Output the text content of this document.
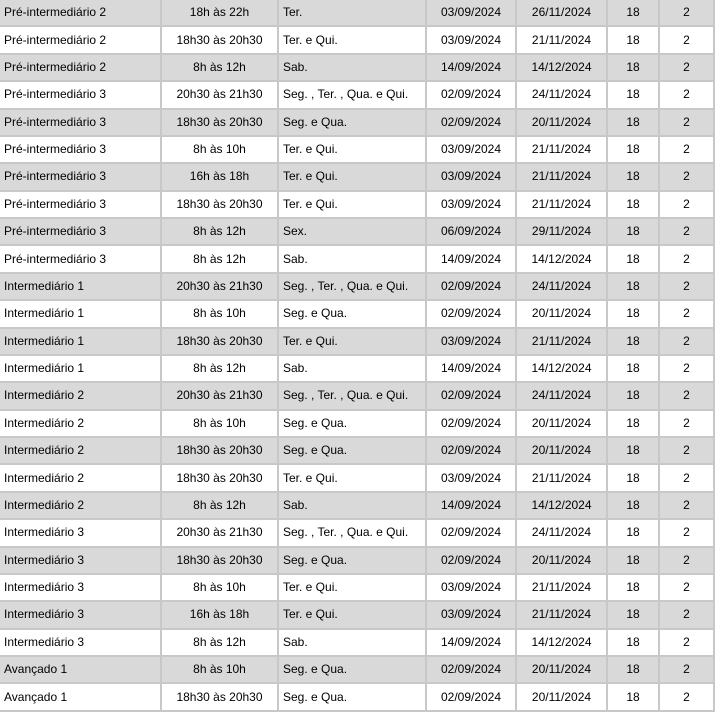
Pré-intermediário 2	18h às 22h	Ter.	03/09/2024	26/11/2024	18	2
Pré-intermediário 2	18h30 às 20h30	Ter. e Qui.	03/09/2024	21/11/2024	18	2
Pré-intermediário 2	8h às 12h	Sab.	14/09/2024	14/12/2024	18	2
Pré-intermediário 3	20h30 às 21h30	Seg. , Ter. , Qua. e Qui.	02/09/2024	24/11/2024	18	2
Pré-intermediário 3	18h30 às 20h30	Seg. e Qua.	02/09/2024	20/11/2024	18	2
Pré-intermediário 3	8h às 10h	Ter. e Qui.	03/09/2024	21/11/2024	18	2
Pré-intermediário 3	16h às 18h	Ter. e Qui.	03/09/2024	21/11/2024	18	2
Pré-intermediário 3	18h30 às 20h30	Ter. e Qui.	03/09/2024	21/11/2024	18	2
Pré-intermediário 3	8h às 12h	Sex.	06/09/2024	29/11/2024	18	2
Pré-intermediário 3	8h às 12h	Sab.	14/09/2024	14/12/2024	18	2
Intermediário 1	20h30 às 21h30	Seg. , Ter. , Qua. e Qui.	02/09/2024	24/11/2024	18	2
Intermediário 1	8h às 10h	Seg. e Qua.	02/09/2024	20/11/2024	18	2
Intermediário 1	18h30 às 20h30	Ter. e Qui.	03/09/2024	21/11/2024	18	2
Intermediário 1	8h às 12h	Sab.	14/09/2024	14/12/2024	18	2
Intermediário 2	20h30 às 21h30	Seg. , Ter. , Qua. e Qui.	02/09/2024	24/11/2024	18	2
Intermediário 2	8h às 10h	Seg. e Qua.	02/09/2024	20/11/2024	18	2
Intermediário 2	18h30 às 20h30	Seg. e Qua.	02/09/2024	20/11/2024	18	2
Intermediário 2	18h30 às 20h30	Ter. e Qui.	03/09/2024	21/11/2024	18	2
Intermediário 2	8h às 12h	Sab.	14/09/2024	14/12/2024	18	2
Intermediário 3	20h30 às 21h30	Seg. , Ter. , Qua. e Qui.	02/09/2024	24/11/2024	18	2
Intermediário 3	18h30 às 20h30	Seg. e Qua.	02/09/2024	20/11/2024	18	2
Intermediário 3	8h às 10h	Ter. e Qui.	03/09/2024	21/11/2024	18	2
Intermediário 3	16h às 18h	Ter. e Qui.	03/09/2024	21/11/2024	18	2
Intermediário 3	8h às 12h	Sab.	14/09/2024	14/12/2024	18	2
Avançado 1	8h às 10h	Seg. e Qua.	02/09/2024	20/11/2024	18	2
Avançado 1	18h30 às 20h30	Seg. e Qua.	02/09/2024	20/11/2024	18	2
